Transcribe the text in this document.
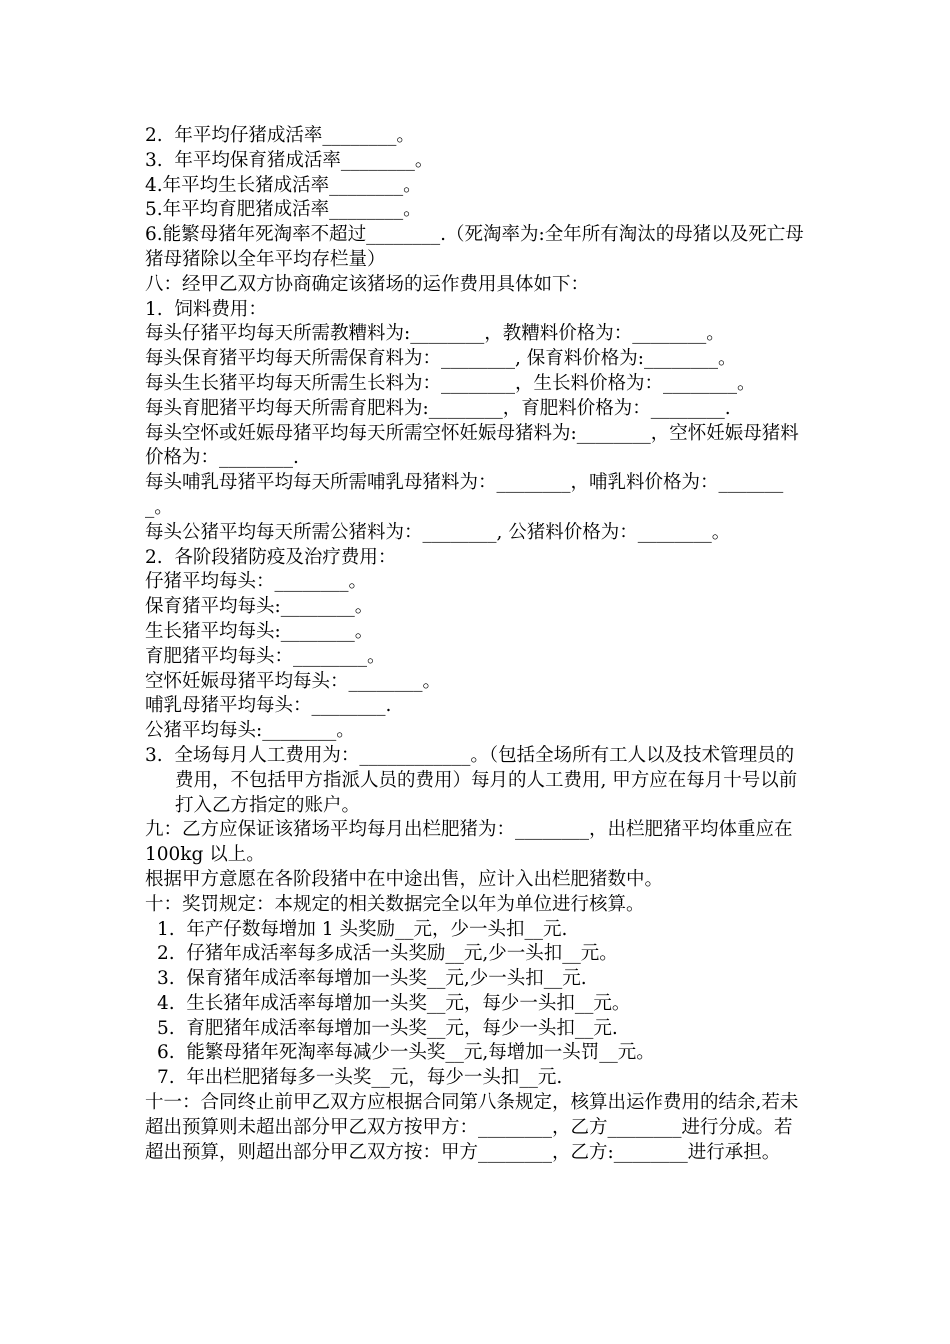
2.  年平均仔猪成活率________。
3.  年平均保育猪成活率________。
4.年平均生长猪成活率________。
5.年平均育肥猪成活率________。
6.能繁母猪年死淘率不超过________.（死淘率为:全年所有淘汰的母猪以及死亡母猪母猪除以全年平均存栏量）
八：经甲乙双方协商确定该猪场的运作费用具体如下：
1.  饲料费用：
每头仔猪平均每天所需教糟料为:________，教糟料价格为：________。
每头保育猪平均每天所需保育料为：________, 保育料价格为:________。
每头生长猪平均每天所需生长料为：________，生长料价格为：________。
每头育肥猪平均每天所需育肥料为:________，育肥料价格为：________.
每头空怀或妊娠母猪平均每天所需空怀妊娠母猪料为:________，空怀妊娠母猪料价格为：________.
每头哺乳母猪平均每天所需哺乳母猪料为：________，哺乳料价格为：________。
每头公猪平均每天所需公猪料为：________, 公猪料价格为：________。
2.  各阶段猪防疫及治疗费用：
仔猪平均每头：________。
保育猪平均每头:________。
生长猪平均每头:________。
育肥猪平均每头：________。
空怀妊娠母猪平均每头：________。
哺乳母猪平均每头：________.
公猪平均每头:________。
3.  全场每月人工费用为：____________。（包括全场所有工人以及技术管理员的费用，不包括甲方指派人员的费用）每月的人工费用, 甲方应在每月十号以前打入乙方指定的账户。
九：乙方应保证该猪场平均每月出栏肥猪为：________，出栏肥猪平均体重应在 100kg 以上。
根据甲方意愿在各阶段猪中在中途出售，应计入出栏肥猪数中。
十：奖罚规定：本规定的相关数据完全以年为单位进行核算。
1.  年产仔数每增加 1 头奖励__元，少一头扣__元.
2.  仔猪年成活率每多成活一头奖励__元,少一头扣__元。
3.  保育猪年成活率每增加一头奖__元,少一头扣__元.
4.  生长猪年成活率每增加一头奖__元，每少一头扣__元。
5.  育肥猪年成活率每增加一头奖__元，每少一头扣__元.
6.  能繁母猪年死淘率每减少一头奖__元,每增加一头罚__元。
7.  年出栏肥猪每多一头奖__元，每少一头扣__元.
十一：合同终止前甲乙双方应根据合同第八条规定，核算出运作费用的结余,若未超出预算则未超出部分甲乙双方按甲方：________，乙方________进行分成。若超出预算，则超出部分甲乙双方按：甲方________，乙方:________进行承担。
